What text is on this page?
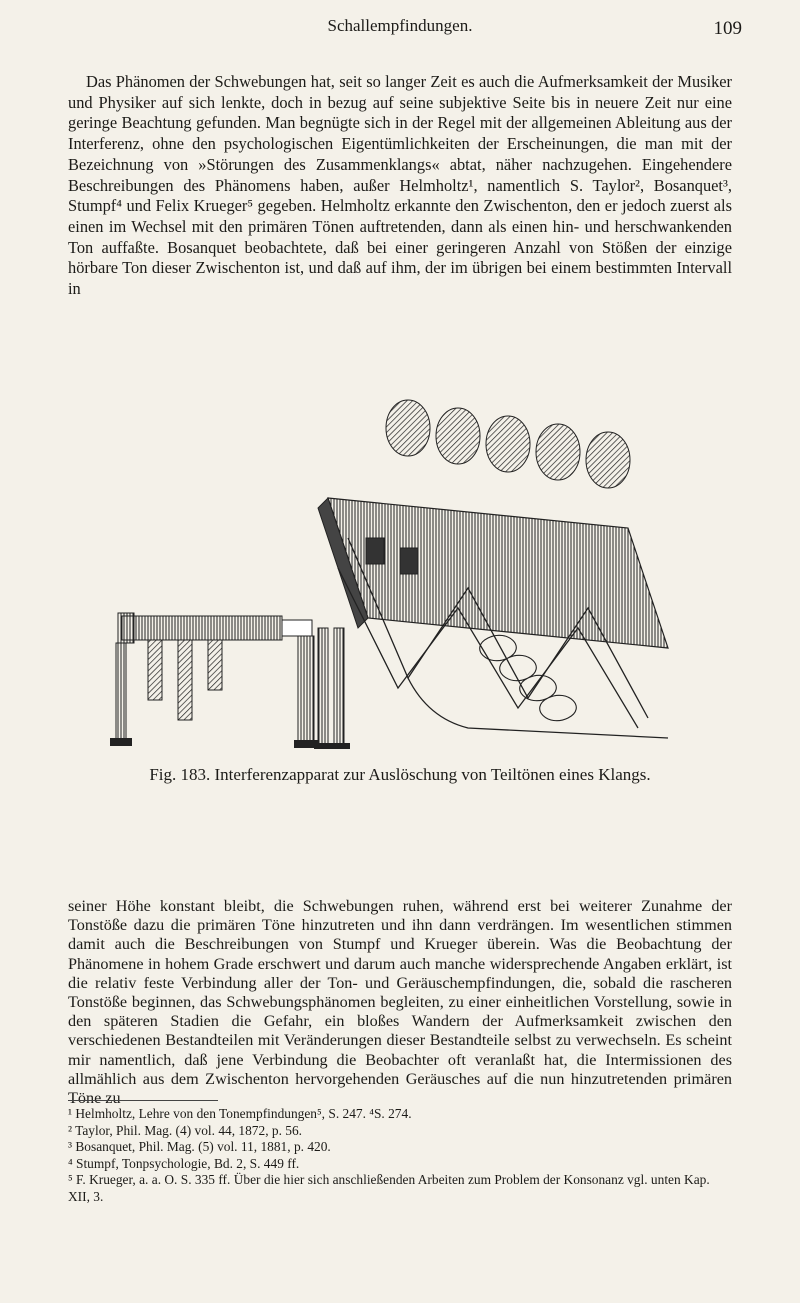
Schallempfindungen.	109

Das Phänomen der Schwebungen hat, seit so langer Zeit es auch die Aufmerksamkeit der Musiker und Physiker auf sich lenkte, doch in bezug auf seine subjektive Seite bis in neuere Zeit nur eine geringe Beachtung gefunden. Man begnügte sich in der Regel mit der allgemeinen Ableitung aus der Interferenz, ohne den psychologischen Eigentümlichkeiten der Erscheinungen, die man mit der Bezeichnung von »Störungen des Zusammenklangs« abtat, näher nachzugehen. Eingehendere Beschreibungen des Phänomens haben, außer Helmholtz¹, namentlich S. Taylor², Bosanquet³, Stumpf⁴ und Felix Krueger⁵ gegeben. Helmholtz erkannte den Zwischenton, den er jedoch zuerst als einen im Wechsel mit den primären Tönen auftretenden, dann als einen hin- und herschwankenden Ton auffaßte. Bosanquet beobachtete, daß bei einer geringeren Anzahl von Stößen der einzige hörbare Ton dieser Zwischenton ist, und daß auf ihm, der im übrigen bei einem bestimmten Intervall in

Fig. 183. Interferenzapparat zur Auslöschung von Teiltönen eines Klangs.

seiner Höhe konstant bleibt, die Schwebungen ruhen, während erst bei weiterer Zunahme der Tonstöße dazu die primären Töne hinzutreten und ihn dann verdrängen. Im wesentlichen stimmen damit auch die Beschreibungen von Stumpf und Krueger überein. Was die Beobachtung der Phänomene in hohem Grade erschwert und darum auch manche widersprechende Angaben erklärt, ist die relativ feste Verbindung aller der Ton- und Geräuschempfindungen, die, sobald die rascheren Tonstöße beginnen, das Schwebungsphänomen begleiten, zu einer einheitlichen Vorstellung, sowie in den späteren Stadien die Gefahr, ein bloßes Wandern der Aufmerksamkeit zwischen den verschiedenen Bestandteilen mit Veränderungen dieser Bestandteile selbst zu verwechseln. Es scheint mir namentlich, daß jene Verbindung die Beobachter oft veranlaßt hat, die Intermissionen des allmählich aus dem Zwischenton hervorgehenden Geräusches auf die nun hinzutretenden primären Töne zu

¹ Helmholtz, Lehre von den Tonempfindungen⁵, S. 247. ⁴S. 274.
² Taylor, Phil. Mag. (4) vol. 44, 1872, p. 56.
³ Bosanquet, Phil. Mag. (5) vol. 11, 1881, p. 420.
⁴ Stumpf, Tonpsychologie, Bd. 2, S. 449 ff.
⁵ F. Krueger, a. a. O. S. 335 ff. Über die hier sich anschließenden Arbeiten zum Problem der Konsonanz vgl. unten Kap. XII, 3.
